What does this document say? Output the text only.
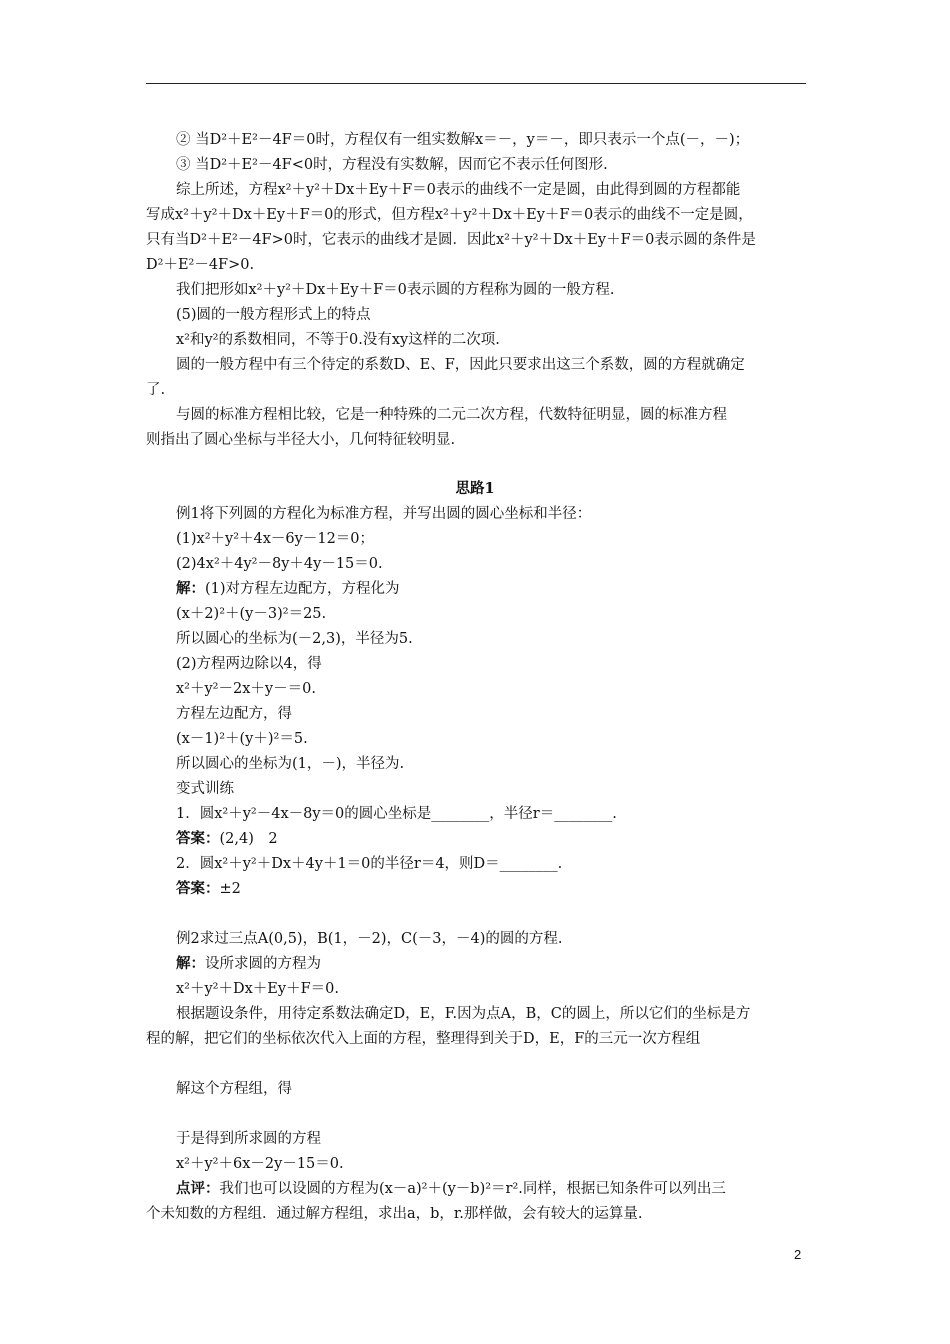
② 当D²＋E²－4F＝0时，方程仅有一组实数解x＝－，y＝－，即只表示一个点(－，－)；
③ 当D²＋E²－4F<0时，方程没有实数解，因而它不表示任何图形.
综上所述，方程x²＋y²＋Dx＋Ey＋F＝0表示的曲线不一定是圆，由此得到圆的方程都能
写成x²＋y²＋Dx＋Ey＋F＝0的形式，但方程x²＋y²＋Dx＋Ey＋F＝0表示的曲线不一定是圆，
只有当D²＋E²－4F>0时，它表示的曲线才是圆．因此x²＋y²＋Dx＋Ey＋F＝0表示圆的条件是
D²＋E²－4F>0.
我们把形如x²＋y²＋Dx＋Ey＋F＝0表示圆的方程称为圆的一般方程.
(5)圆的一般方程形式上的特点
x²和y²的系数相同，不等于0.没有xy这样的二次项.
圆的一般方程中有三个待定的系数D、E、F，因此只要求出这三个系数，圆的方程就确定
了.
与圆的标准方程相比较，它是一种特殊的二元二次方程，代数特征明显，圆的标准方程
则指出了圆心坐标与半径大小，几何特征较明显.
思路1
例1将下列圆的方程化为标准方程，并写出圆的圆心坐标和半径：
(1)x²＋y²＋4x－6y－12＝0；
(2)4x²＋4y²－8y＋4y－15＝0.
解：(1)对方程左边配方，方程化为
(x＋2)²＋(y－3)²＝25.
所以圆心的坐标为(－2,3)，半径为5.
(2)方程两边除以4，得
x²＋y²－2x＋y－＝0.
方程左边配方，得
(x－1)²＋(y＋)²＝5.
所以圆心的坐标为(1，－)，半径为.
变式训练
1．圆x²＋y²－4x－8y＝0的圆心坐标是________，半径r＝________.
答案：(2,4)　2
2．圆x²＋y²＋Dx＋4y＋1＝0的半径r＝4，则D＝________.
答案：±2
例2求过三点A(0,5)，B(1，－2)，C(－3，－4)的圆的方程.
解：设所求圆的方程为
x²＋y²＋Dx＋Ey＋F＝0.
根据题设条件，用待定系数法确定D，E，F.因为点A，B，C的圆上，所以它们的坐标是方
程的解，把它们的坐标依次代入上面的方程，整理得到关于D，E，F的三元一次方程组
解这个方程组，得
于是得到所求圆的方程
x²＋y²＋6x－2y－15＝0.
点评：我们也可以设圆的方程为(x－a)²＋(y－b)²＝r².同样，根据已知条件可以列出三
个未知数的方程组．通过解方程组，求出a，b，r.那样做，会有较大的运算量.
2
